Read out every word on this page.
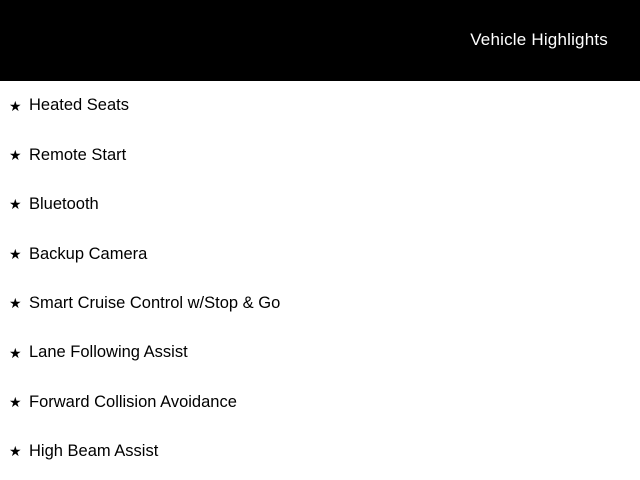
Vehicle Highlights
★ Heated Seats
★ Remote Start
★ Bluetooth
★ Backup Camera
★ Smart Cruise Control w/Stop & Go
★ Lane Following Assist
★ Forward Collision Avoidance
★ High Beam Assist
